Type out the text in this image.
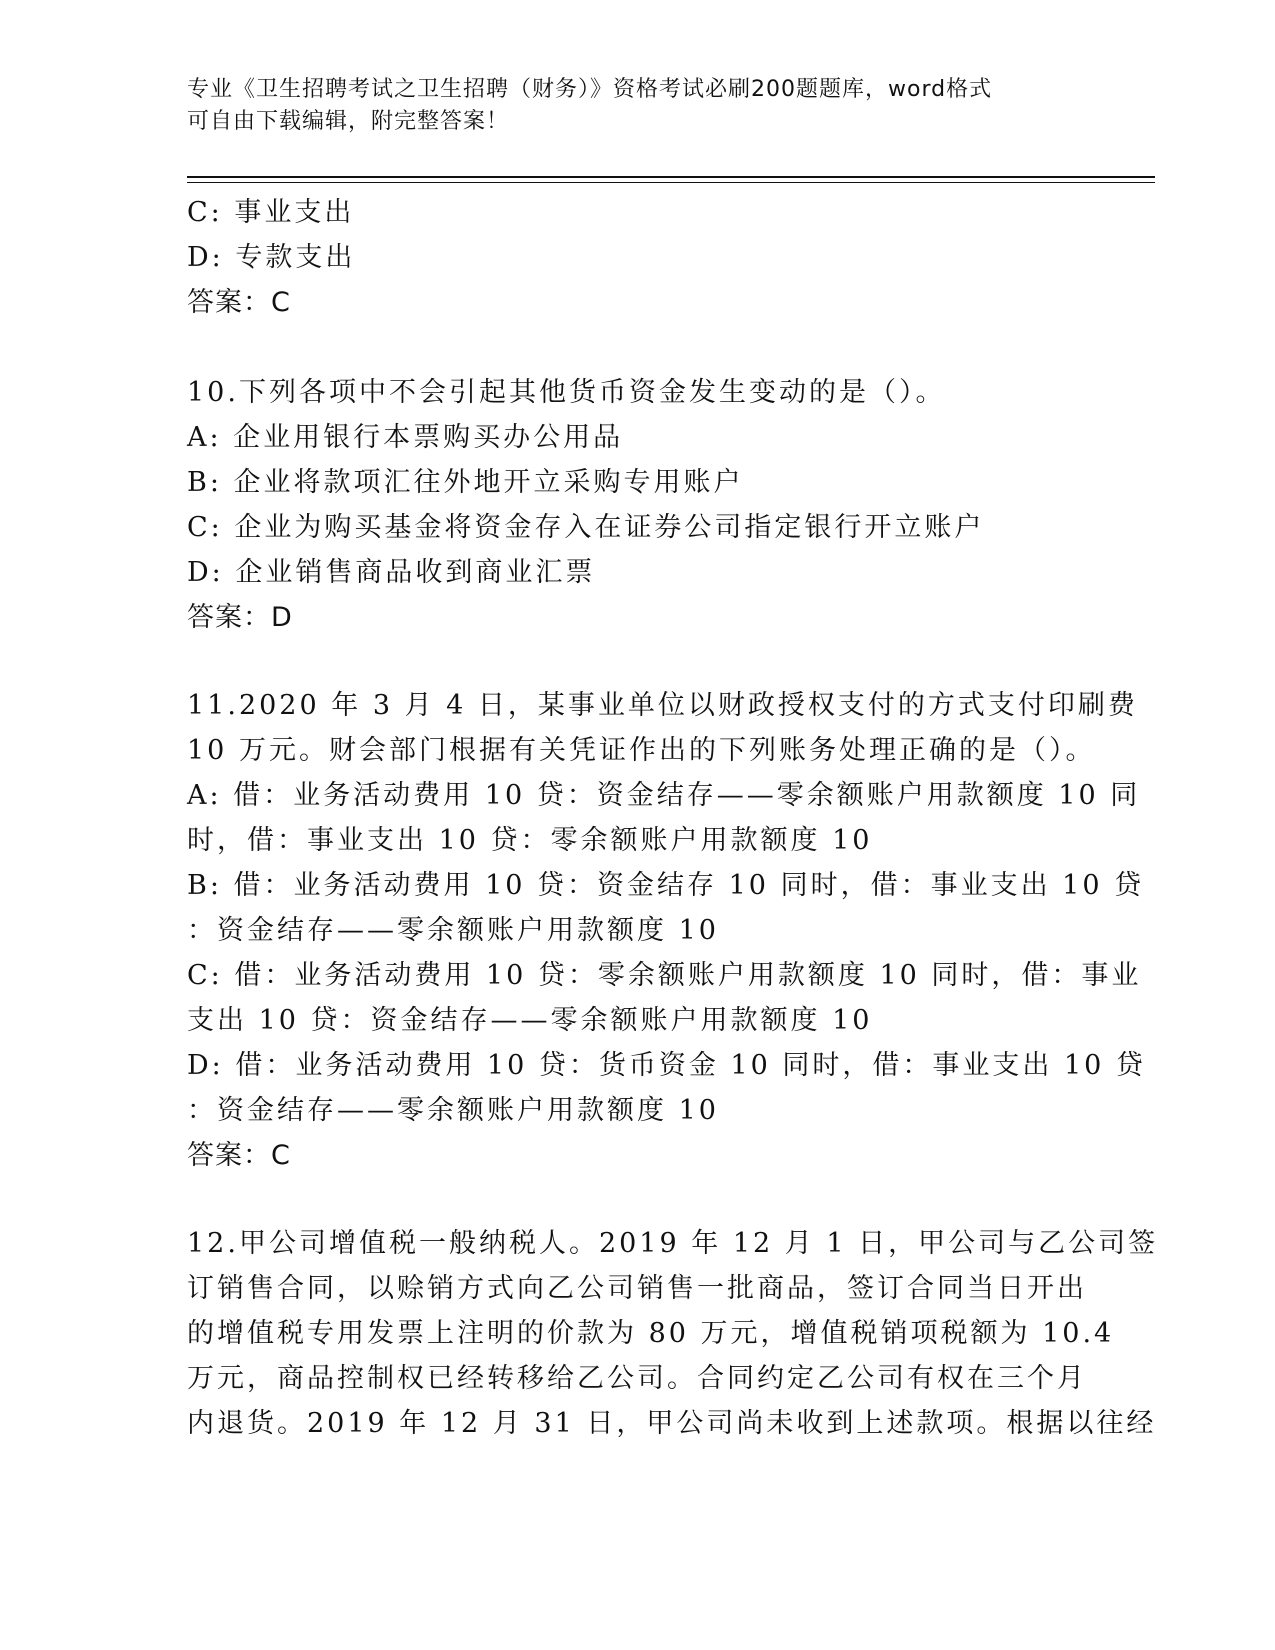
专业《卫生招聘考试之卫生招聘（财务）》资格考试必刷200题题库，word格式
可自由下载编辑，附完整答案！
C: 事业支出
D: 专款支出
答案：C
10.下列各项中不会引起其他货币资金发生变动的是（）。
A: 企业用银行本票购买办公用品
B: 企业将款项汇往外地开立采购专用账户
C: 企业为购买基金将资金存入在证券公司指定银行开立账户
D: 企业销售商品收到商业汇票
答案：D
11.2020 年 3 月 4 日，某事业单位以财政授权支付的方式支付印刷费
10 万元。财会部门根据有关凭证作出的下列账务处理正确的是（）。
A: 借：业务活动费用 10 贷：资金结存——零余额账户用款额度 10 同
时，借：事业支出 10 贷：零余额账户用款额度 10
B: 借：业务活动费用 10 贷：资金结存 10 同时，借：事业支出 10 贷
：资金结存——零余额账户用款额度 10
C: 借：业务活动费用 10 贷：零余额账户用款额度 10 同时，借：事业
支出 10 贷：资金结存——零余额账户用款额度 10
D: 借：业务活动费用 10 贷：货币资金 10 同时，借：事业支出 10 贷
：资金结存——零余额账户用款额度 10
答案：C
12.甲公司增值税一般纳税人。2019 年 12 月 1 日，甲公司与乙公司签
订销售合同，以赊销方式向乙公司销售一批商品，签订合同当日开出
的增值税专用发票上注明的价款为 80 万元，增值税销项税额为 10.4
万元，商品控制权已经转移给乙公司。合同约定乙公司有权在三个月
内退货。2019 年 12 月 31 日，甲公司尚未收到上述款项。根据以往经
